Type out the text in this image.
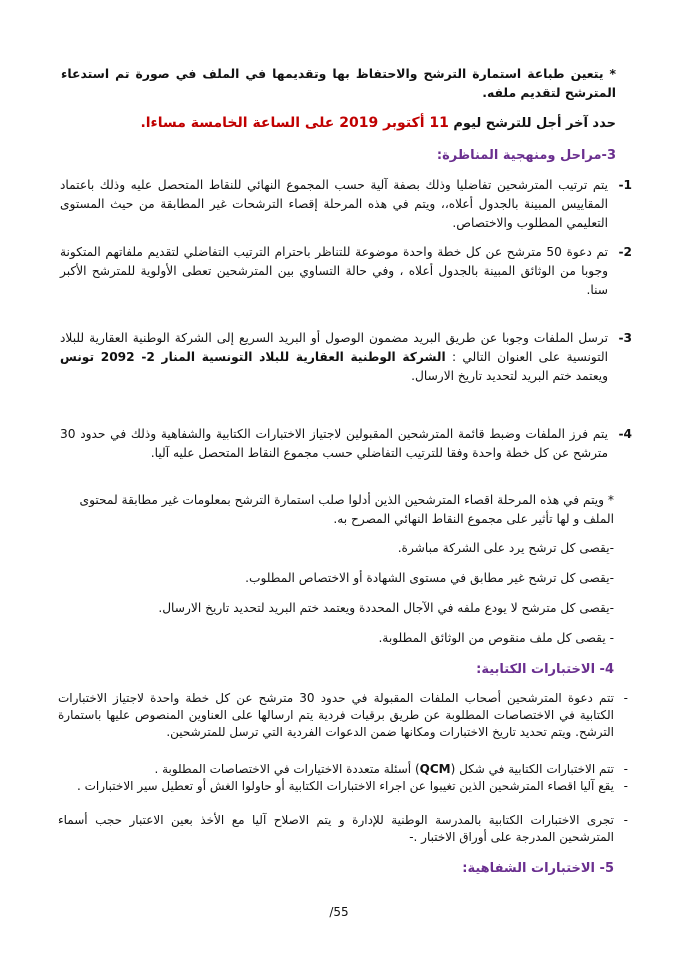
* يتعين طباعة استمارة الترشح والاحتفاظ بها وتقديمها في الملف في صورة تم استدعاء المترشح لتقديم ملفه.
حدد آخر أجل للترشح ليوم 11 أكتوبر 2019 على الساعة الخامسة مساءا.
3-مراحل ومنهجية المناظرة:
1-
يتم ترتيب المترشحين تفاضليا وذلك بصفة آلية حسب المجموع النهائي للنقاط المتحصل عليه وذلك باعتماد المقاييس المبينة بالجدول أعلاه،، ويتم في هذه المرحلة إقصاء الترشحات غير المطابقة من حيث المستوى التعليمي المطلوب والاختصاص.
2-
تم دعوة 50 مترشح عن كل خطة واحدة موضوعة للتناظر باحترام الترتيب التفاضلي لتقديم ملفاتهم المتكونة وجوبا من الوثائق المبينة بالجدول أعلاه ، وفي حالة التساوي بين المترشحين تعطى الأولوية للمترشح الأكبر سنا.
3-
ترسل الملفات وجوبا عن طريق البريد مضمون الوصول أو البريد السريع إلى الشركة الوطنية العقارية للبلاد التونسية على العنوان التالي : الشركة الوطنية العقارية للبلاد التونسية المنار 2- 2092 تونس ويعتمد ختم البريد لتحديد تاريخ الارسال.
4-
يتم فرز الملفات وضبط قائمة المترشحين المقبولين لاجتياز الاختبارات الكتابية والشفاهية وذلك في حدود 30 مترشح عن كل خطة واحدة وفقا للترتيب التفاضلي حسب مجموع النقاط المتحصل عليه آليا.
* ويتم في هذه المرحلة اقصاء المترشحين الذين أدلوا صلب استمارة الترشح بمعلومات غير مطابقة لمحتوى الملف و لها تأثير على مجموع النقاط النهائي المصرح به.
-يقصى كل ترشح يرد على الشركة مباشرة.
-يقصى كل ترشح غير مطابق في مستوى الشهادة أو الاختصاص المطلوب.
-يقصى كل مترشح لا يودع ملفه في الآجال المحددة ويعتمد ختم البريد لتحديد تاريخ الارسال.
- يقصى كل ملف منقوص من الوثائق المطلوبة.
4- الاختبارات الكتابية:
-
تتم دعوة المترشحين أصحاب الملفات المقبولة في حدود 30 مترشح عن كل خطة واحدة لاجتياز الاختبارات الكتابية في الاختصاصات المطلوبة عن طريق برقيات فردية يتم ارسالها على العناوين المنصوص عليها باستمارة الترشح. ويتم تحديد تاريخ الاختبارات ومكانها ضمن الدعوات الفردية التي ترسل للمترشحين.
-
تتم الاختبارات الكتابية في شكل (QCM) أسئلة متعددة الاختيارات في الاختصاصات المطلوبة .
-
يقع آليا اقصاء المترشحين الذين تغيبوا عن اجراء الاختبارات الكتابية أو حاولوا الغش أو تعطيل سير الاختبارات .
-
تجرى الاختبارات الكتابية بالمدرسة الوطنية للإدارة و يتم الاصلاح آليا مع الأخذ بعين الاعتبار حجب أسماء المترشحين المدرجة على أوراق الاختبار .-
5- الاختبارات الشفاهية:
/55
